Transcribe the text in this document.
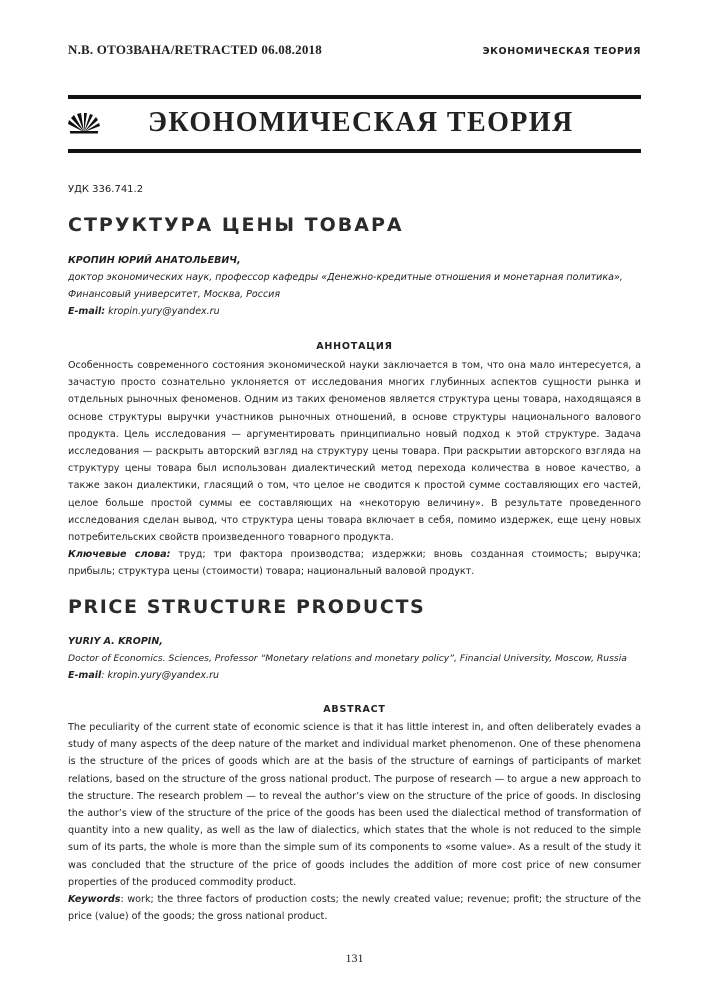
N.B. ОТОЗВАНА/RETRACTED 06.08.2018	ЭКОНОМИЧЕСКАЯ ТЕОРИЯ
ЭКОНОМИЧЕСКАЯ ТЕОРИЯ
УДК 336.741.2
СТРУКТУРА ЦЕНЫ ТОВАРА
КРОПИН ЮРИЙ АНАТОЛЬЕВИЧ,
доктор экономических наук, профессор кафедры «Денежно-кредитные отношения и монетарная политика»,
Финансовый университет, Москва, Россия
E-mail: kropin.yury@yandex.ru
АННОТАЦИЯ
Особенность современного состояния экономической науки заключается в том, что она мало интересуется, а зачастую просто сознательно уклоняется от исследования многих глубинных аспектов сущности рынка и отдельных рыночных феноменов. Одним из таких феноменов является структура цены товара, находящаяся в основе структуры выручки участников рыночных отношений, в основе структуры национального валового продукта. Цель исследования — аргументировать принципиально новый подход к этой структуре. Задача исследования — раскрыть авторский взгляд на структуру цены товара. При раскрытии авторского взгляда на структуру цены товара был использован диалектический метод перехода количества в новое качество, а также закон диалектики, гласящий о том, что целое не сводится к простой сумме составляющих его частей, целое больше простой суммы ее составляющих на «некоторую величину». В результате проведенного исследования сделан вывод, что структура цены товара включает в себя, помимо издержек, еще цену новых потребительских свойств произведенного товарного продукта.
Ключевые слова: труд; три фактора производства; издержки; вновь созданная стоимость; выручка; прибыль; структура цены (стоимости) товара; национальный валовой продукт.
PRICE STRUCTURE PRODUCTS
YURIY A. KROPIN,
Doctor of Economics. Sciences, Professor “Monetary relations and monetary policy”, Financial University, Moscow, Russia
E-mail: kropin.yury@yandex.ru
ABSTRACT
The peculiarity of the current state of economic science is that it has little interest in, and often deliberately evades a study of many aspects of the deep nature of the market and individual market phenomenon. One of these phenomena is the structure of the prices of goods which are at the basis of the structure of earnings of participants of market relations, based on the structure of the gross national product. The purpose of research — to argue a new approach to the structure. The research problem — to reveal the author’s view on the structure of the price of goods. In disclosing the author’s view of the structure of the price of the goods has been used the dialectical method of transformation of quantity into a new quality, as well as the law of dialectics, which states that the whole is not reduced to the simple sum of its parts, the whole is more than the simple sum of its components to «some value». As a result of the study it was concluded that the structure of the price of goods includes the addition of more cost price of new consumer properties of the produced commodity product.
Keywords: work; the three factors of production costs; the newly created value; revenue; profit; the structure of the price (value) of the goods; the gross national product.
131
